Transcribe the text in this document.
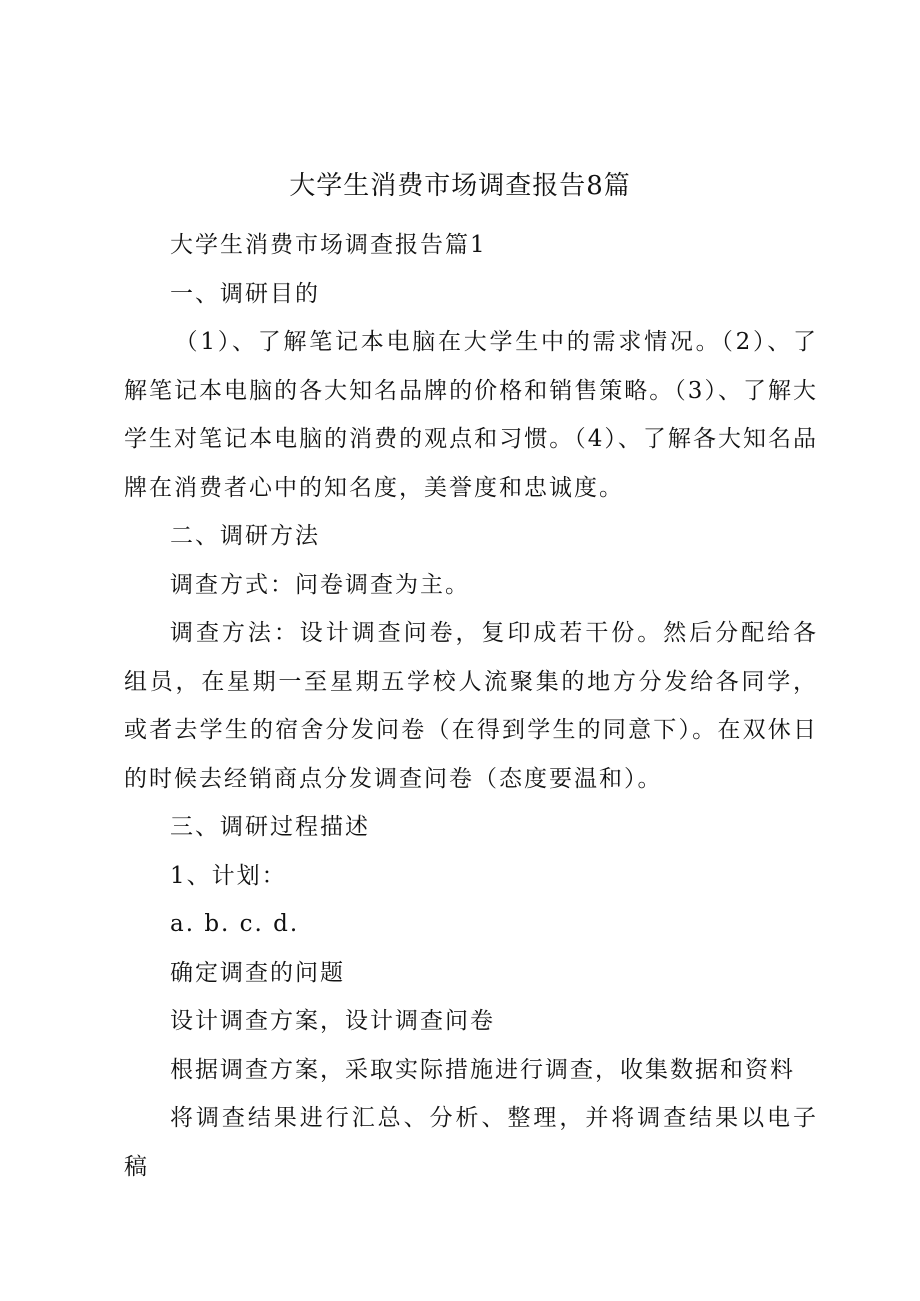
大学生消费市场调查报告8篇

大学生消费市场调查报告篇1

一、调研目的

（1）、了解笔记本电脑在大学生中的需求情况。（2）、了解笔记本电脑的各大知名品牌的价格和销售策略。（3）、了解大学生对笔记本电脑的消费的观点和习惯。（4）、了解各大知名品牌在消费者心中的知名度，美誉度和忠诚度。

二、调研方法

调查方式：问卷调查为主。

调查方法：设计调查问卷，复印成若干份。然后分配给各组员，在星期一至星期五学校人流聚集的地方分发给各同学，或者去学生的宿舍分发问卷（在得到学生的同意下）。在双休日的时候去经销商点分发调查问卷（态度要温和）。

三、调研过程描述

1、计划：

a. b. c. d.

确定调查的问题

设计调查方案，设计调查问卷

根据调查方案，采取实际措施进行调查，收集数据和资料

将调查结果进行汇总、分析、整理，并将调查结果以电子稿
